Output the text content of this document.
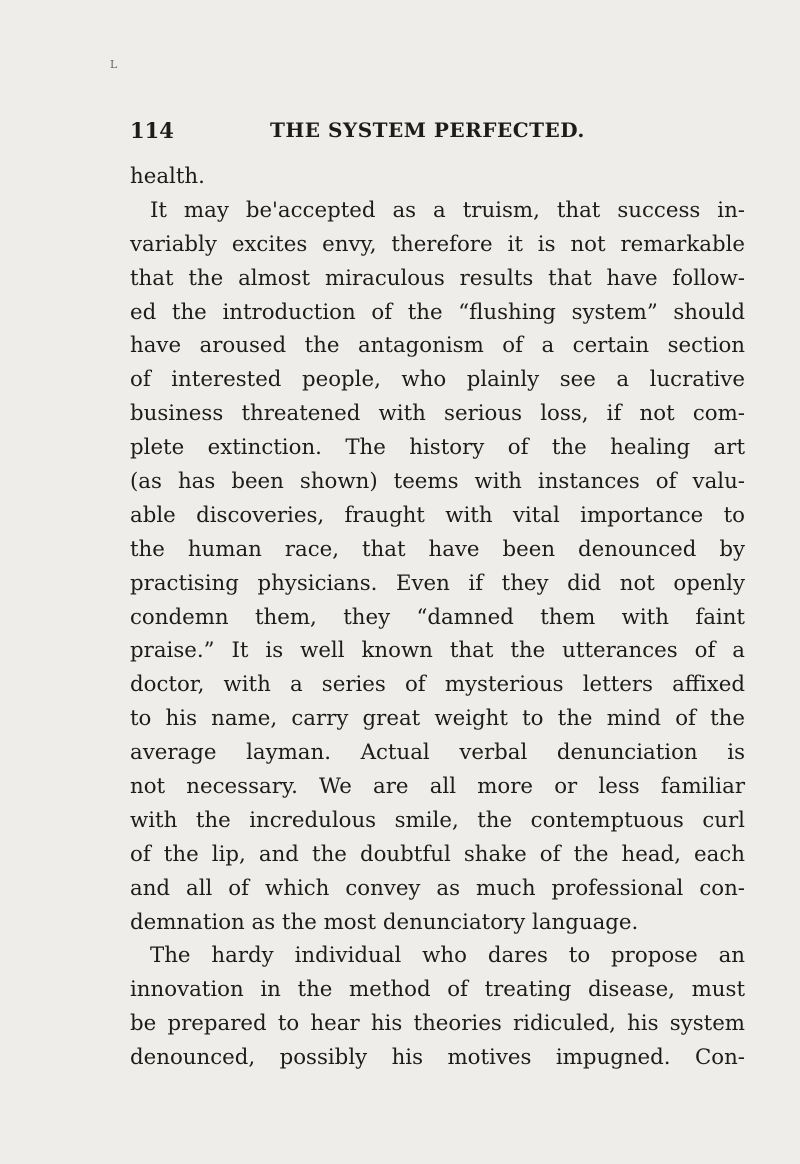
L
114	THE SYSTEM PERFECTED.
health.
It may be'accepted as a truism, that success in-
variably excites envy, therefore it is not remarkable
that the almost miraculous results that have follow-
ed the introduction of the “flushing system” should
have aroused the antagonism of a certain section
of interested people, who plainly see a lucrative
business threatened with serious loss, if not com-
plete extinction. The history of the healing art
(as has been shown) teems with instances of valu-
able discoveries, fraught with vital importance to
the human race, that have been denounced by
practising physicians. Even if they did not openly
condemn them, they “damned them with faint
praise.” It is well known that the utterances of a
doctor, with a series of mysterious letters affixed
to his name, carry great weight to the mind of the
average layman. Actual verbal denunciation is
not necessary. We are all more or less familiar
with the incredulous smile, the contemptuous curl
of the lip, and the doubtful shake of the head, each
and all of which convey as much professional con-
demnation as the most denunciatory language.
The hardy individual who dares to propose an
innovation in the method of treating disease, must
be prepared to hear his theories ridiculed, his system
denounced, possibly his motives impugned. Con-
